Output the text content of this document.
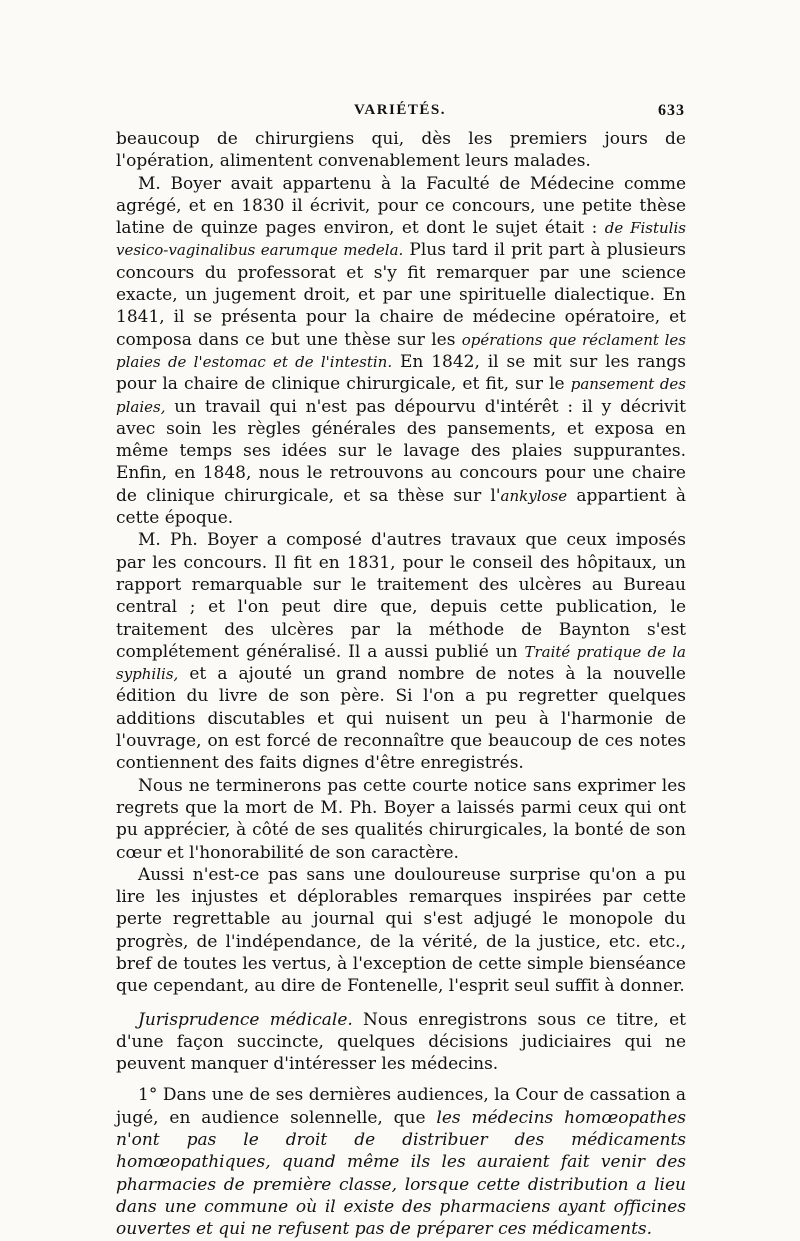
VARIÉTÉS.	633

beaucoup de chirurgiens qui, dès les premiers jours de l'opération, alimentent convenablement leurs malades.

M. Boyer avait appartenu à la Faculté de Médecine comme agrégé, et en 1830 il écrivit, pour ce concours, une petite thèse latine de quinze pages environ, et dont le sujet était : de Fistulis vesico-vaginalibus earumque medela. Plus tard il prit part à plusieurs concours du professorat et s'y fit remarquer par une science exacte, un jugement droit, et par une spirituelle dialectique. En 1841, il se présenta pour la chaire de médecine opératoire, et composa dans ce but une thèse sur les opérations que réclament les plaies de l'estomac et de l'intestin. En 1842, il se mit sur les rangs pour la chaire de clinique chirurgicale, et fit, sur le pansement des plaies, un travail qui n'est pas dépourvu d'intérêt : il y décrivit avec soin les règles générales des pansements, et exposa en même temps ses idées sur le lavage des plaies suppurantes. Enfin, en 1848, nous le retrouvons au concours pour une chaire de clinique chirurgicale, et sa thèse sur l'ankylose appartient à cette époque.

M. Ph. Boyer a composé d'autres travaux que ceux imposés par les concours. Il fit en 1831, pour le conseil des hôpitaux, un rapport remarquable sur le traitement des ulcères au Bureau central ; et l'on peut dire que, depuis cette publication, le traitement des ulcères par la méthode de Baynton s'est complétement généralisé. Il a aussi publié un Traité pratique de la syphilis, et a ajouté un grand nombre de notes à la nouvelle édition du livre de son père. Si l'on a pu regretter quelques additions discutables et qui nuisent un peu à l'harmonie de l'ouvrage, on est forcé de reconnaître que beaucoup de ces notes contiennent des faits dignes d'être enregistrés.

Nous ne terminerons pas cette courte notice sans exprimer les regrets que la mort de M. Ph. Boyer a laissés parmi ceux qui ont pu apprécier, à côté de ses qualités chirurgicales, la bonté de son cœur et l'honorabilité de son caractère.

Aussi n'est-ce pas sans une douloureuse surprise qu'on a pu lire les injustes et déplorables remarques inspirées par cette perte regrettable au journal qui s'est adjugé le monopole du progrès, de l'indépendance, de la vérité, de la justice, etc. etc., bref de toutes les vertus, à l'exception de cette simple bienséance que cependant, au dire de Fontenelle, l'esprit seul suffit à donner.

Jurisprudence médicale. Nous enregistrons sous ce titre, et d'une façon succincte, quelques décisions judiciaires qui ne peuvent manquer d'intéresser les médecins.

1° Dans une de ses dernières audiences, la Cour de cassation a jugé, en audience solennelle, que les médecins homœopathes n'ont pas le droit de distribuer des médicaments homœopathiques, quand même ils les auraient fait venir des pharmacies de première classe, lorsque cette distribution a lieu dans une commune où il existe des pharmaciens ayant officines ouvertes et qui ne refusent pas de préparer ces médicaments.
